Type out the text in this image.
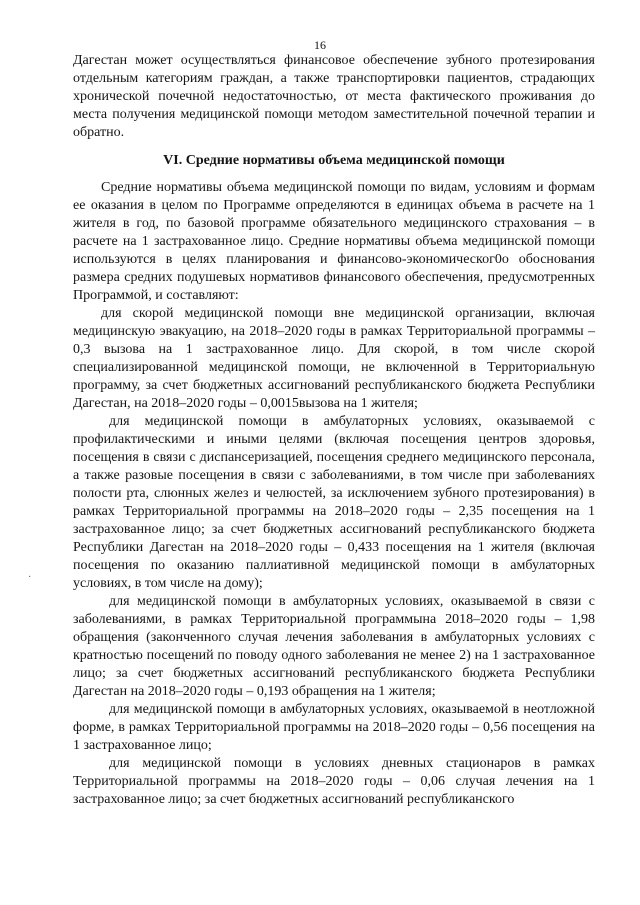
16
·

Дагестан может осуществляться финансовое обеспечение зубного протезирования отдельным категориям граждан, а также транспортировки пациентов, страдающих хронической почечной недостаточностью, от места фактического проживания до места получения медицинской помощи методом заместительной почечной терапии и обратно.

VI. Средние нормативы объема медицинской помощи

Средние нормативы объема медицинской помощи по видам, условиям и формам ее оказания в целом по Программе определяются в единицах объема в расчете на 1 жителя в год, по базовой программе обязательного медицинского страхования – в расчете на 1 застрахованное лицо. Средние нормативы объема медицинской помощи используются в целях планирования и финансово-экономическог0о обоснования размера средних подушевых нормативов финансового обеспечения, предусмотренных Программой, и составляют:

для скорой медицинской помощи вне медицинской организации, включая медицинскую эвакуацию, на 2018–2020 годы в рамках Территориальной программы – 0,3 вызова на 1 застрахованное лицо. Для скорой, в том числе скорой специализированной медицинской помощи, не включенной в Территориальную программу, за счет бюджетных ассигнований республиканского бюджета Республики Дагестан, на 2018–2020 годы – 0,0015вызова на 1 жителя;

для медицинской помощи в амбулаторных условиях, оказываемой с профилактическими и иными целями (включая посещения центров здоровья, посещения в связи с диспансеризацией, посещения среднего медицинского персонала, а также разовые посещения в связи с заболеваниями, в том числе при заболеваниях полости рта, слюнных желез и челюстей, за исключением зубного протезирования) в рамках Территориальной программы на 2018–2020 годы – 2,35 посещения на 1 застрахованное лицо; за счет бюджетных ассигнований республиканского бюджета Республики Дагестан на 2018–2020 годы – 0,433 посещения на 1 жителя (включая посещения по оказанию паллиативной медицинской помощи в амбулаторных условиях, в том числе на дому);

для медицинской помощи в амбулаторных условиях, оказываемой в связи с заболеваниями, в рамках Территориальной программына 2018–2020 годы – 1,98 обращения (законченного случая лечения заболевания в амбулаторных условиях с кратностью посещений по поводу одного заболевания не менее 2) на 1 застрахованное лицо; за счет бюджетных ассигнований республиканского бюджета Республики Дагестан на 2018–2020 годы – 0,193 обращения на 1 жителя;

для медицинской помощи в амбулаторных условиях, оказываемой в неотложной форме, в рамках Территориальной программы на 2018–2020 годы – 0,56 посещения на 1 застрахованное лицо;

для медицинской помощи в условиях дневных стационаров в рамках Территориальной программы на 2018–2020 годы – 0,06 случая лечения на 1 застрахованное лицо; за счет бюджетных ассигнований республиканского
